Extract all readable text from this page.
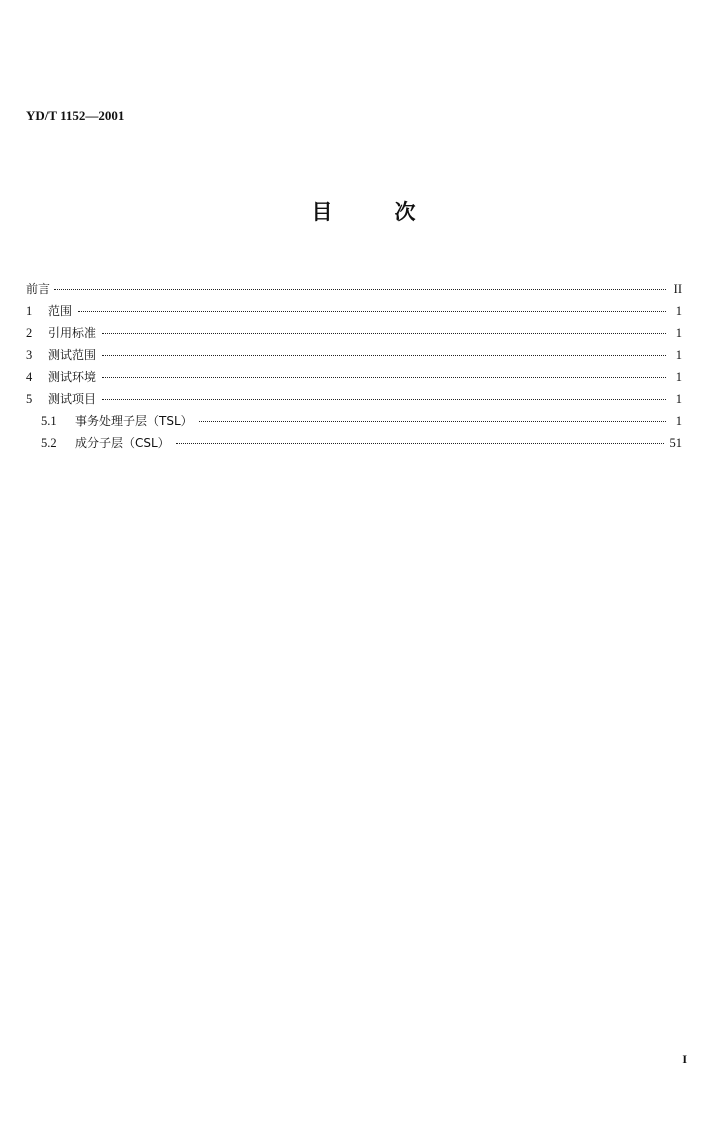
YD/T 1152—2001
目	次
前言	II
1	范围	1
2	引用标准	1
3	测试范围	1
4	测试环境	1
5	测试项目	1
5.1	事务处理子层（TSL）	1
5.2	成分子层（CSL）	51
I
